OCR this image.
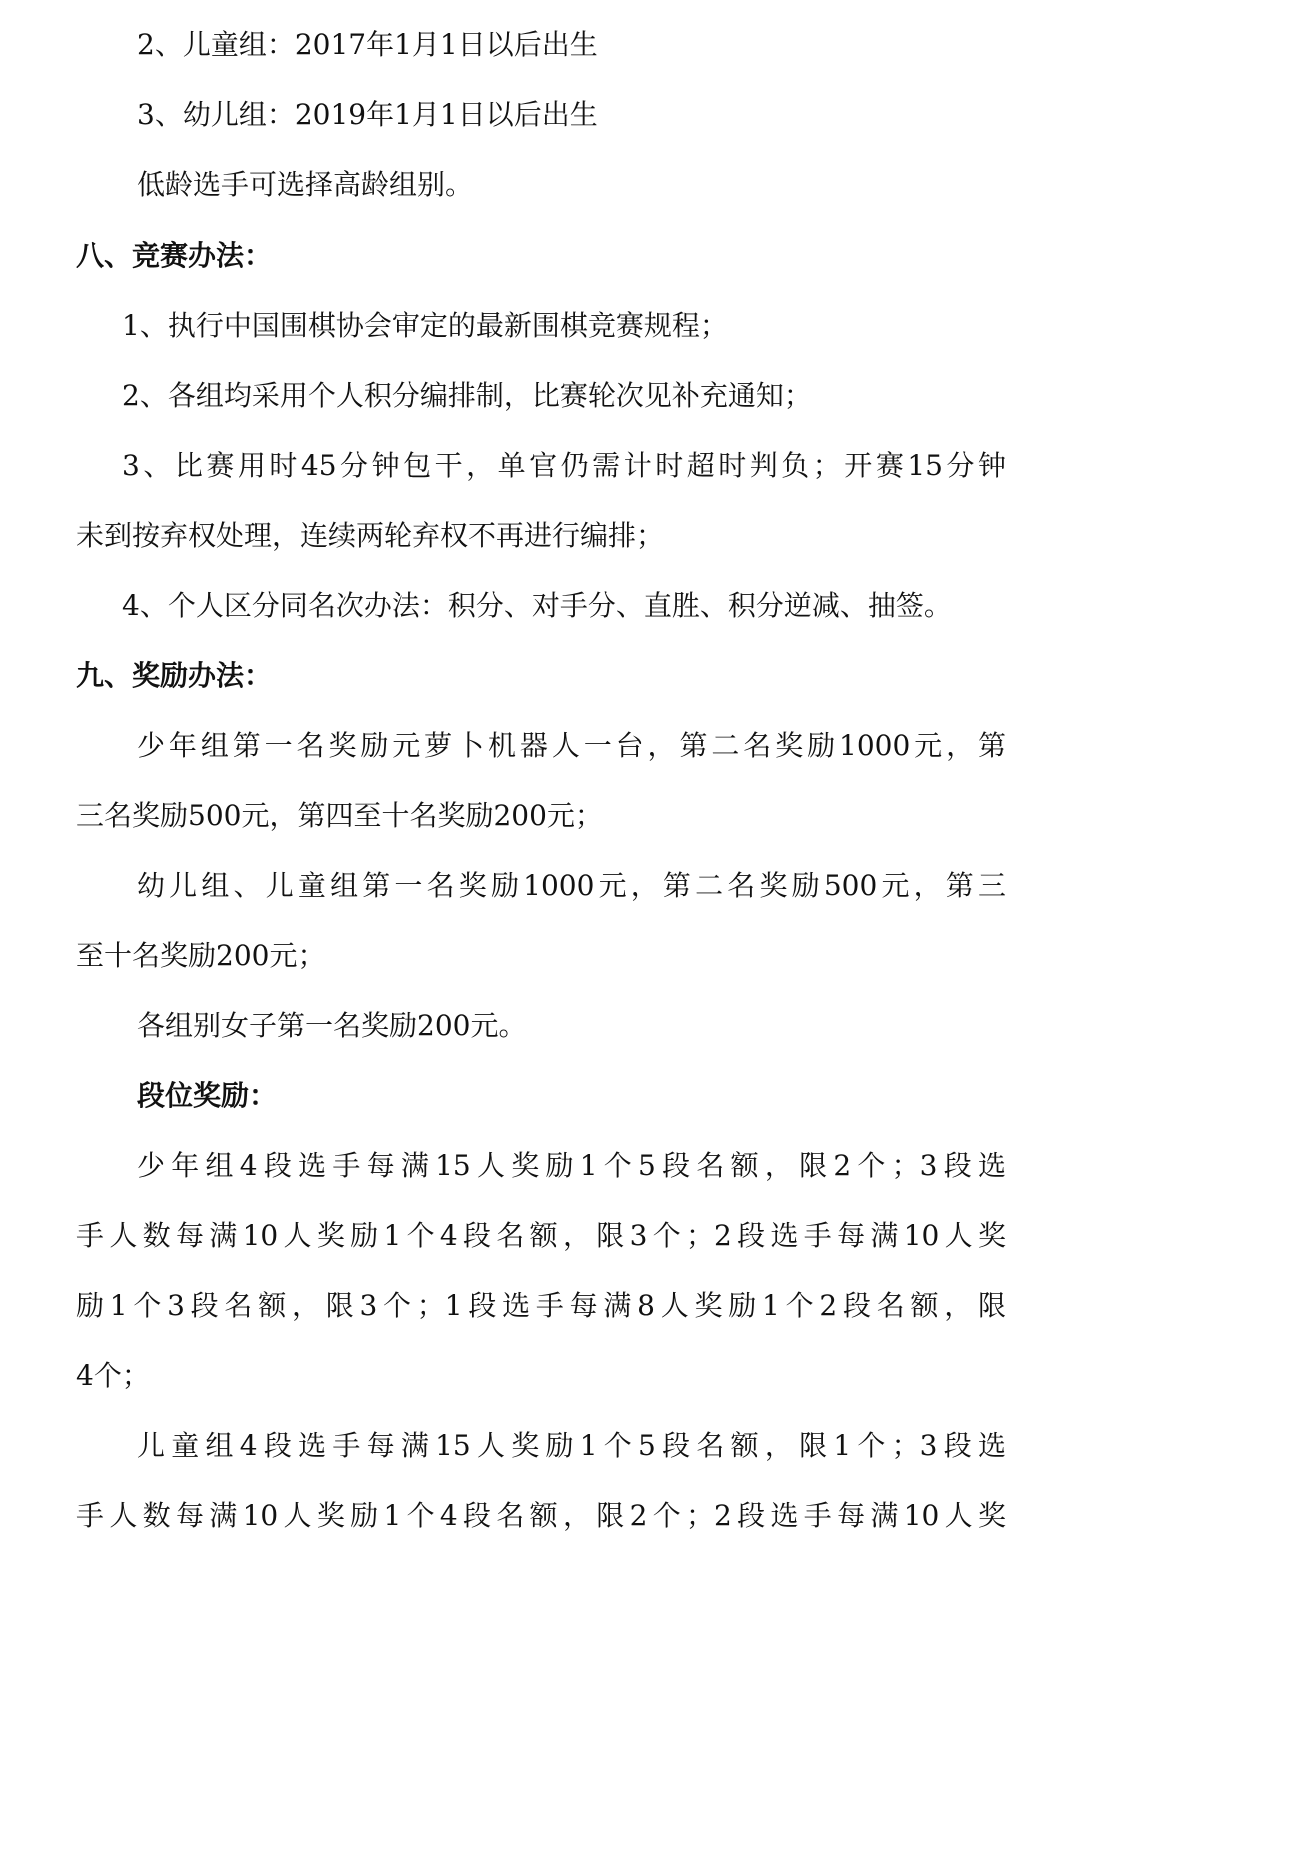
2、儿童组：2017年1月1日以后出生
3、幼儿组：2019年1月1日以后出生
低龄选手可选择高龄组别。
八、竞赛办法：
1、执行中国围棋协会审定的最新围棋竞赛规程；
2、各组均采用个人积分编排制，比赛轮次见补充通知；
3、比赛用时45分钟包干，单官仍需计时超时判负；开赛15分钟
未到按弃权处理，连续两轮弃权不再进行编排；
4、个人区分同名次办法：积分、对手分、直胜、积分逆减、抽签。
九、奖励办法：
少年组第一名奖励元萝卜机器人一台，第二名奖励1000元，第
三名奖励500元，第四至十名奖励200元；
幼儿组、儿童组第一名奖励1000元，第二名奖励500元，第三
至十名奖励200元；
各组别女子第一名奖励200元。
段位奖励：
少年组4段选手每满15人奖励1个5段名额，限2个；3段选
手人数每满10人奖励1个4段名额，限3个；2段选手每满10人奖
励1个3段名额，限3个；1段选手每满8人奖励1个2段名额，限
4个；
儿童组4段选手每满15人奖励1个5段名额，限1个；3段选
手人数每满10人奖励1个4段名额，限2个；2段选手每满10人奖
